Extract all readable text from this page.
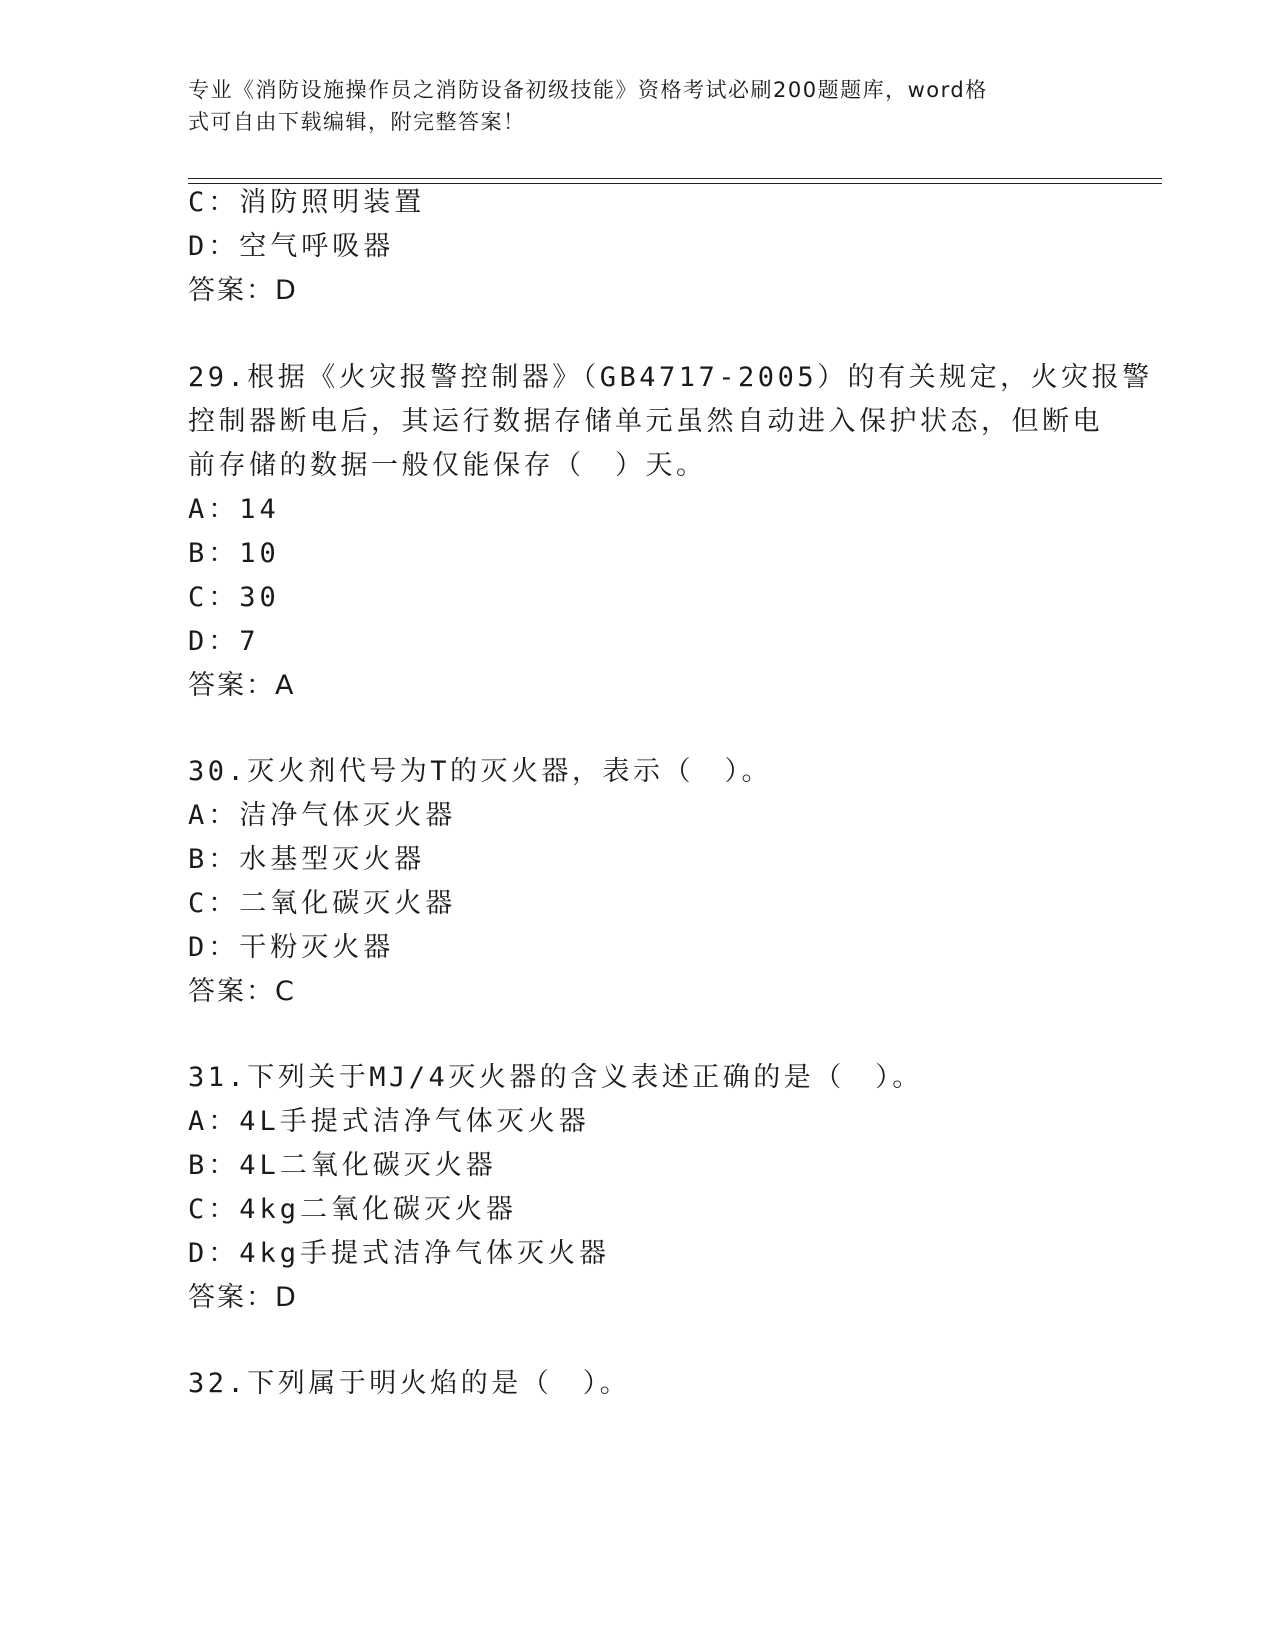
专业《消防设施操作员之消防设备初级技能》资格考试必刷200题题库，word格
式可自由下载编辑，附完整答案！
C：消防照明装置
D：空气呼吸器
答案：D
29.根据《火灾报警控制器》（GB4717-2005）的有关规定，火灾报警
控制器断电后，其运行数据存储单元虽然自动进入保护状态，但断电
前存储的数据一般仅能保存（　）天。
A：14
B：10
C：30
D：7
答案：A
30.灭火剂代号为T的灭火器，表示（　）。
A：洁净气体灭火器
B：水基型灭火器
C：二氧化碳灭火器
D：干粉灭火器
答案：C
31.下列关于MJ/4灭火器的含义表述正确的是（　）。
A：4L手提式洁净气体灭火器
B：4L二氧化碳灭火器
C：4kg二氧化碳灭火器
D：4kg手提式洁净气体灭火器
答案：D
32.下列属于明火焰的是（　）。
